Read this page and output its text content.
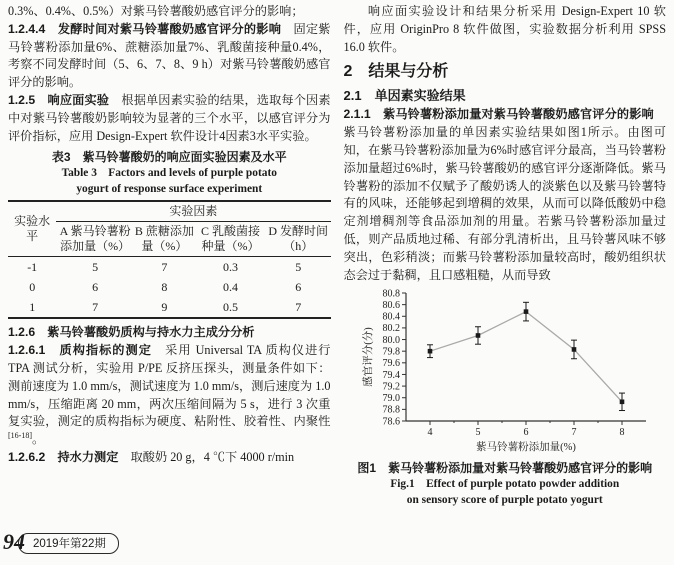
0.3%、0.4%、0.5%）对紫马铃薯酸奶感官评分的影响；

1.2.4.4　发酵时间对紫马铃薯酸奶感官评分的影响　固定紫马铃薯粉添加量6%、蔗糖添加量7%、乳酸菌接种量0.4%，考察不同发酵时间（5、6、7、8、9 h）对紫马铃薯酸奶感官评分的影响。

1.2.5　响应面实验　根据单因素实验的结果，选取每个因素中对紫马铃薯酸奶影响较为显著的三个水平，以感官评分为评价指标，应用 Design-Expert 软件设计4因素3水平实验。

表3　紫马铃薯酸奶的响应面实验因素及水平
Table 3　Factors and levels of purple potato
yogurt of response surface experiment
实验水平	实验因素			
	A 紫马铃薯粉添加量（%）	B 蔗糖添加量（%）	C 乳酸菌接种量（%）	D 发酵时间（h）
-1	5	7	0.3	5
0	6	8	0.4	6
1	7	9	0.5	7

1.2.6　紫马铃薯酸奶质构与持水力主成分分析

1.2.6.1　质构指标的测定　采用 Universal TA 质构仪进行 TPA 测试分析，实验用 P/PE 反挤压探头，测量条件如下：测前速度为 1.0 mm/s，测试速度为 1.0 mm/s，测后速度为 1.0 mm/s，压缩距离 20 mm，两次压缩间隔为 5 s，进行 3 次重复实验，测定的质构指标为硬度、粘附性、胶着性、内聚性[16-18]。

1.2.6.2　持水力测定　取酸奶 20 g，4 ℃下 4000 r/min

响应面实验设计和结果分析采用 Design-Expert 10 软件，应用 OriginPro 8 软件做图，实验数据分析利用 SPSS 16.0 软件。

2　结果与分析
2.1　单因素实验结果

2.1.1　紫马铃薯粉添加量对紫马铃薯酸奶感官评分的影响　紫马铃薯粉添加量的单因素实验结果如图1所示。由图可知，在紫马铃薯粉添加量为6%时感官评分最高，当马铃薯粉添加量超过6%时，紫马铃薯酸奶的感官评分逐渐降低。紫马铃薯粉的添加不仅赋予了酸奶诱人的淡紫色以及紫马铃薯特有的风味，还能够起到增稠的效果，从而可以降低酸奶中稳定剂增稠剂等食品添加剂的用量。若紫马铃薯粉添加量过低，则产品质地过稀、有部分乳清析出，且马铃薯风味不够突出，色彩稍淡；而紫马铃薯粉添加量较高时，酸奶组织状态会过于黏稠，且口感粗糙，从而导致

78.6
78.8
79.0
79.2
79.4
79.6
79.8
80.0
80.2
80.4
80.6
80.8
4	5	6	7	8
紫马铃薯粉添加量(%)
感官评分(分)
图1　紫马铃薯粉添加量对紫马铃薯酸奶感官评分的影响
Fig.1　Effect of purple potato powder addition
on sensory score of purple potato yogurt
94 2019年第22期
